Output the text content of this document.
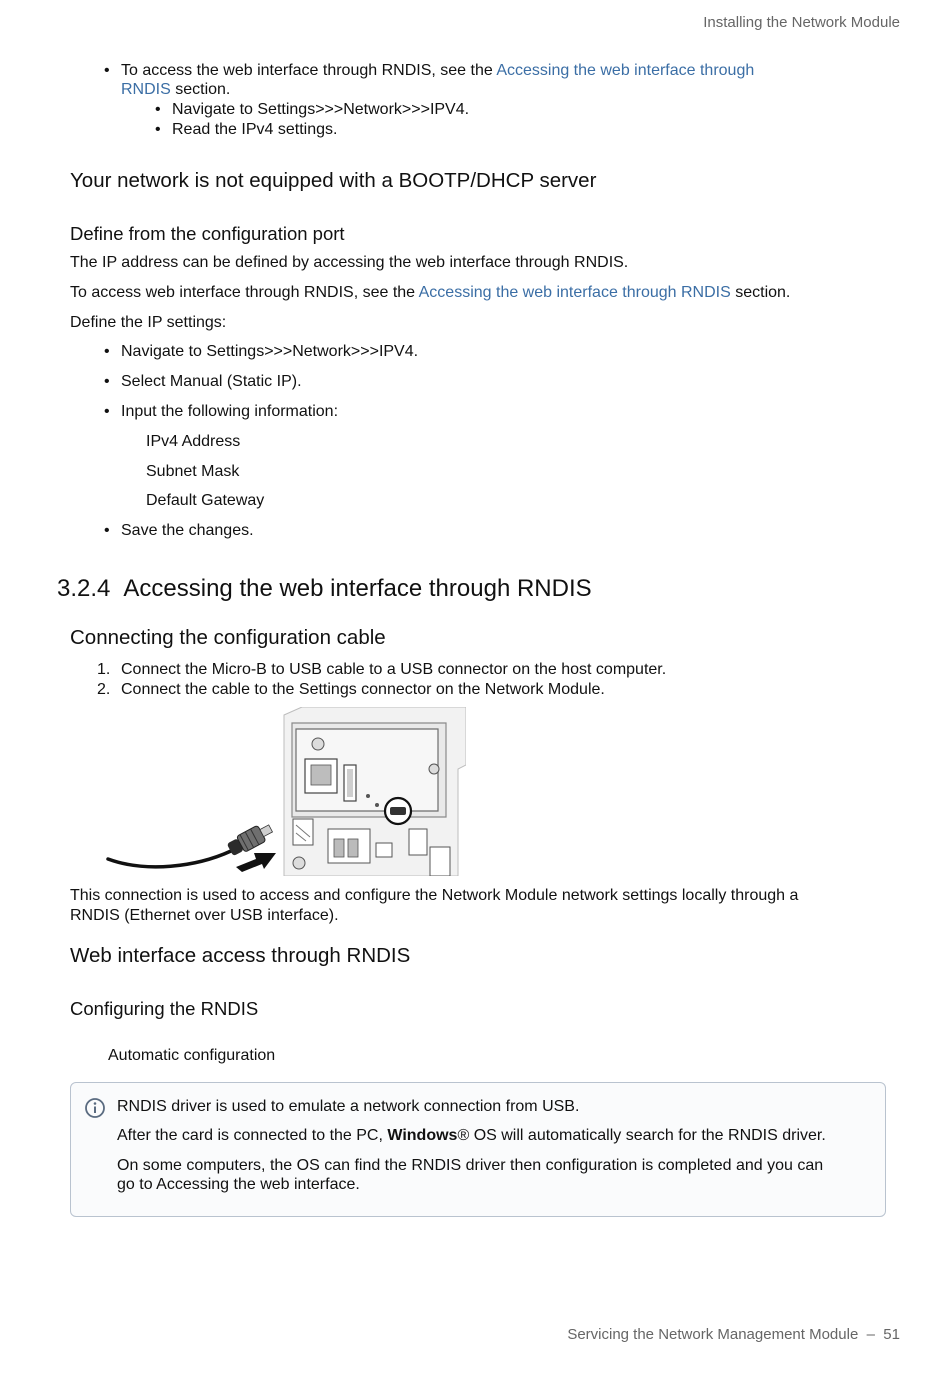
Installing the Network Module
• To access the web interface through RNDIS, see the Accessing the web interface through
RNDIS section.
• Navigate to Settings>>>Network>>>IPV4.
• Read the IPv4 settings.
Your network is not equipped with a BOOTP/DHCP server
Define from the configuration port
The IP address can be defined by accessing the web interface through RNDIS.
To access web interface through RNDIS, see the Accessing the web interface through RNDIS section.
Define the IP settings:
• Navigate to Settings>>>Network>>>IPV4.
• Select Manual (Static IP).
• Input the following information:
IPv4 Address
Subnet Mask
Default Gateway
• Save the changes.
3.2.4 Accessing the web interface through RNDIS
Connecting the configuration cable
1. Connect the Micro-B to USB cable to a USB connector on the host computer.
2. Connect the cable to the Settings connector on the Network Module.
This connection is used to access and configure the Network Module network settings locally through a
RNDIS (Ethernet over USB interface).
Web interface access through RNDIS
Configuring the RNDIS
Automatic configuration
RNDIS driver is used to emulate a network connection from USB.
After the card is connected to the PC, Windows® OS will automatically search for the RNDIS driver.
On some computers, the OS can find the RNDIS driver then configuration is completed and you can
go to Accessing the web interface.
Servicing the Network Management Module  –  51
